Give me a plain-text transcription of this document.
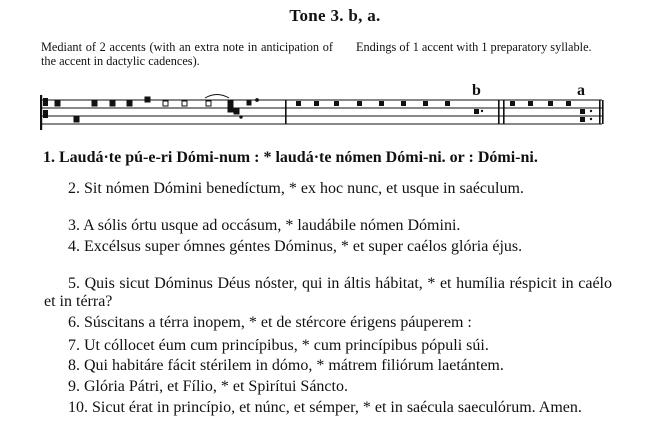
Tone 3. b, a.
Mediant of 2 accents (with an extra note in anticipation of the accent in dactylic cadences).
Endings of 1 accent with 1 preparatory syllable.
b	a
1. Laudá·te pú-e-ri Dómi-num : * laudá·te nómen Dómi-ni. or : Dómi-ni.
2. Sit nómen Dómini benedíctum, * ex hoc nunc, et usque in saéculum.
3. A sólis órtu usque ad occásum, * laudábile nómen Dómini.
4. Excélsus super ómnes géntes Dóminus, * et super caélos glória éjus.
5. Quis sicut Dóminus Déus nóster, qui in áltis hábitat, * et humília réspicit in caélo et in térra?
6. Súscitans a térra inopem, * et de stércore érigens páuperem :
7. Ut cóllocet éum cum princípibus, * cum princípibus pópuli súi.
8. Qui habitáre fácit stérilem in dómo, * mátrem filiórum laetántem.
9. Glória Pátri, et Fílio, * et Spirítui Sáncto.
10. Sicut érat in princípio, et núnc, et sémper, * et in saécula saeculórum. Amen.
